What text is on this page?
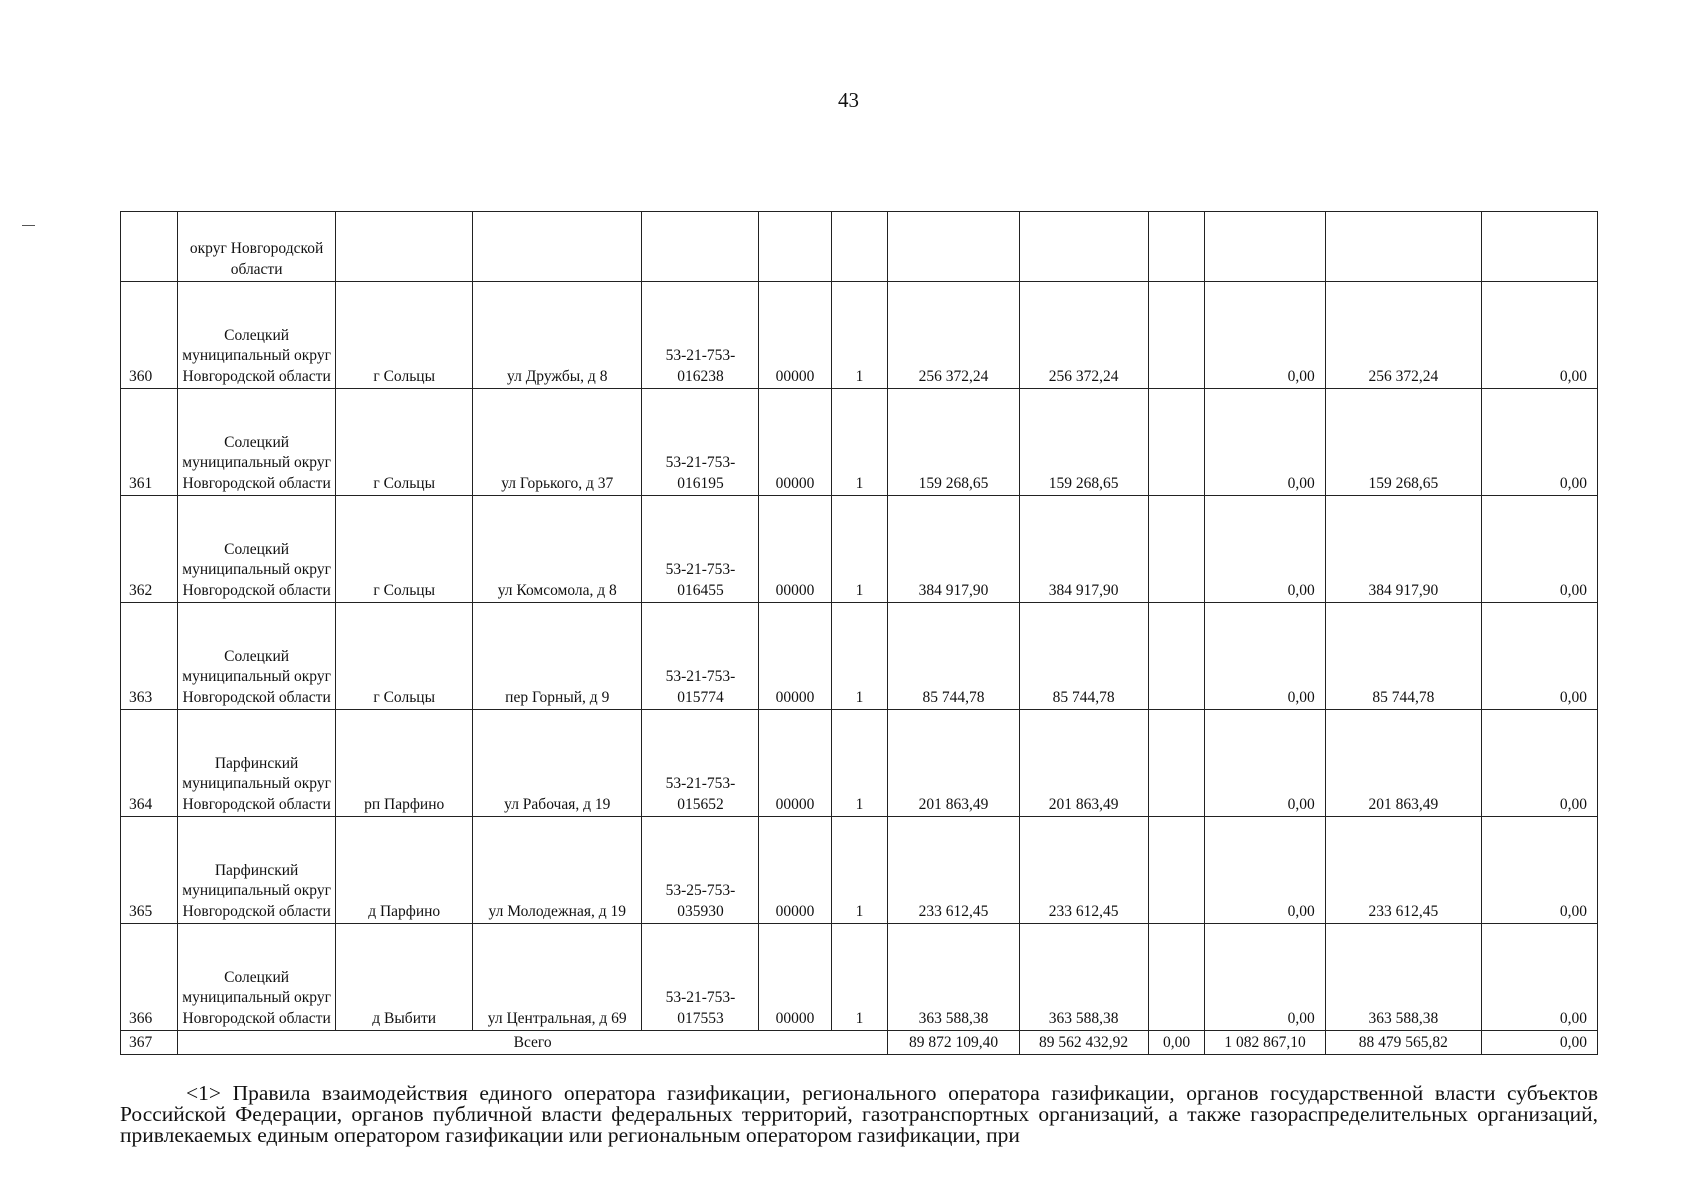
43
	округ Новгородской области											
360	Солецкий муниципальный округ Новгородской области	г Сольцы	ул Дружбы, д 8	53-21-753-016238	00000	1	256 372,24	256 372,24		0,00	256 372,24	0,00
361	Солецкий муниципальный округ Новгородской области	г Сольцы	ул Горького, д 37	53-21-753-016195	00000	1	159 268,65	159 268,65		0,00	159 268,65	0,00
362	Солецкий муниципальный округ Новгородской области	г Сольцы	ул Комсомола, д 8	53-21-753-016455	00000	1	384 917,90	384 917,90		0,00	384 917,90	0,00
363	Солецкий муниципальный округ Новгородской области	г Сольцы	пер Горный, д 9	53-21-753-015774	00000	1	85 744,78	85 744,78		0,00	85 744,78	0,00
364	Парфинский муниципальный округ Новгородской области	рп Парфино	ул Рабочая, д 19	53-21-753-015652	00000	1	201 863,49	201 863,49		0,00	201 863,49	0,00
365	Парфинский муниципальный округ Новгородской области	д Парфино	ул Молодежная, д 19	53-25-753-035930	00000	1	233 612,45	233 612,45		0,00	233 612,45	0,00
366	Солецкий муниципальный округ Новгородской области	д Выбити	ул Центральная, д 69	53-21-753-017553	00000	1	363 588,38	363 588,38		0,00	363 588,38	0,00
367	Всего						89 872 109,40	89 562 432,92	0,00	1 082 867,10	88 479 565,82	0,00
<1> Правила взаимодействия единого оператора газификации, регионального оператора газификации, органов государственной власти субъектов Российской Федерации, органов публичной власти федеральных территорий, газотранспортных организаций, а также газораспределительных организаций, привлекаемых единым оператором газификации или региональным оператором газификации, при
